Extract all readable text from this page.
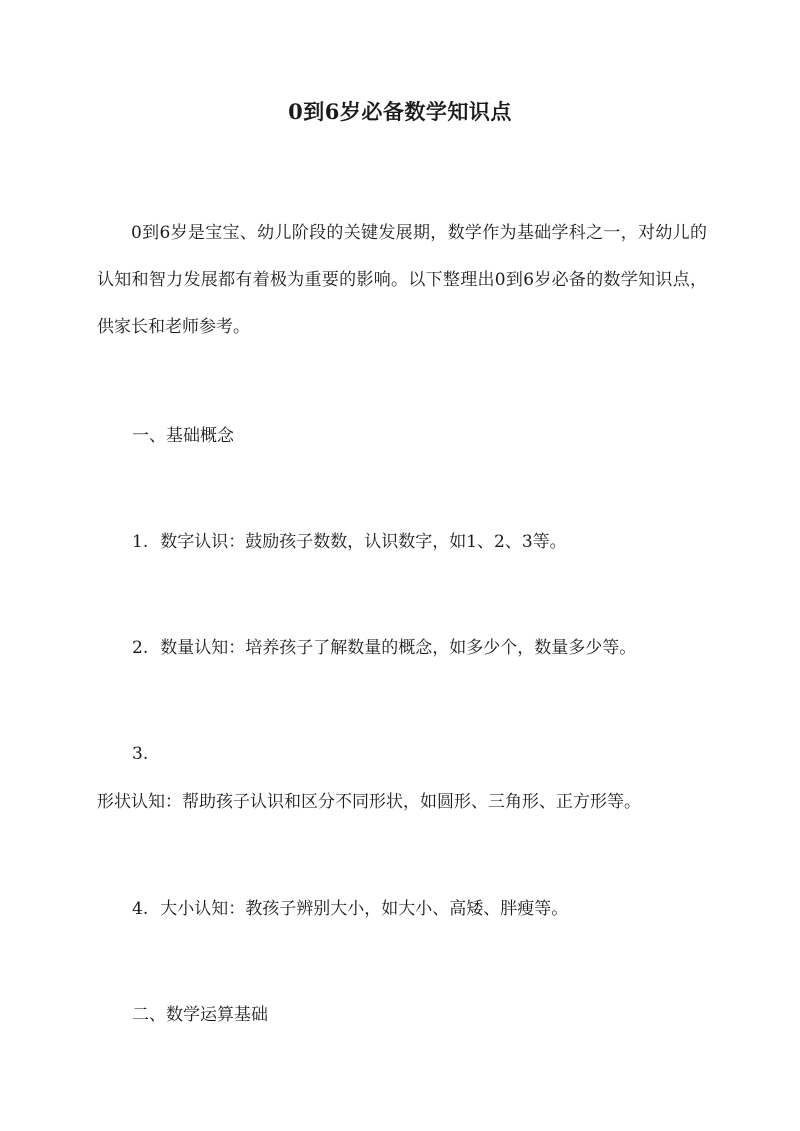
0到6岁必备数学知识点
0到6岁是宝宝、幼儿阶段的关键发展期，数学作为基础学科之一，对幼儿的认知和智力发展都有着极为重要的影响。以下整理出0到6岁必备的数学知识点，供家长和老师参考。
一、基础概念
1. 数字认识：鼓励孩子数数，认识数字，如1、2、3等。
2. 数量认知：培养孩子了解数量的概念，如多少个，数量多少等。
3.
形状认知：帮助孩子认识和区分不同形状，如圆形、三角形、正方形等。
4. 大小认知：教孩子辨别大小，如大小、高矮、胖瘦等。
二、数学运算基础
